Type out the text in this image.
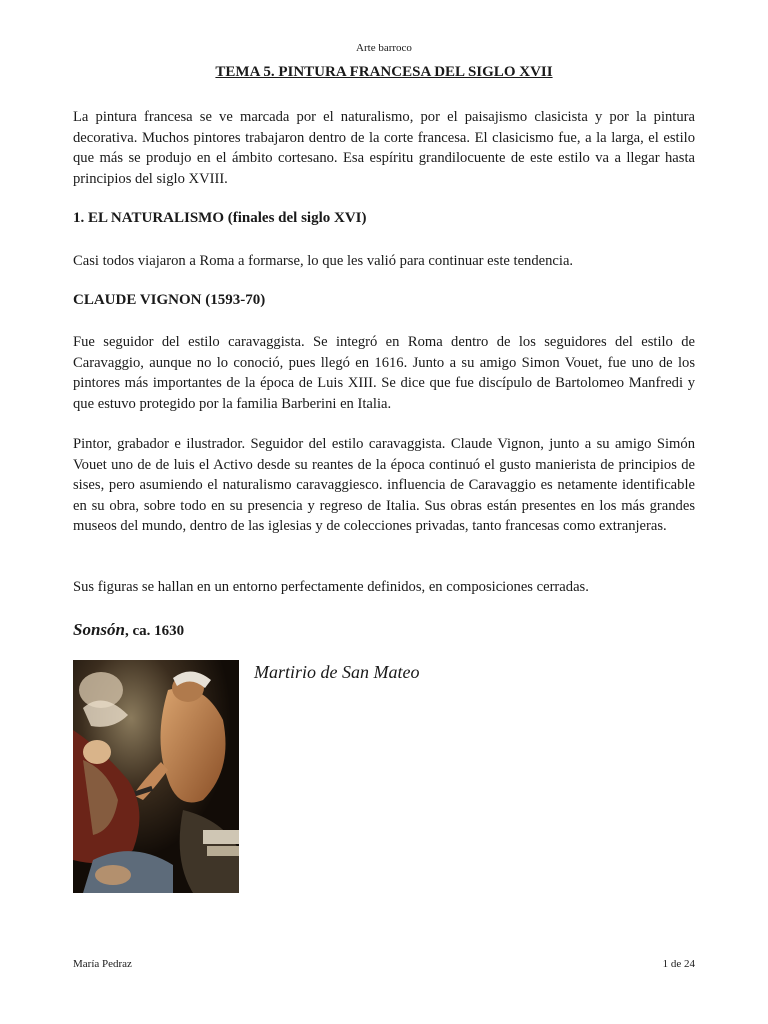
Arte barroco
TEMA 5. PINTURA FRANCESA DEL SIGLO XVII

La pintura francesa se ve marcada por el naturalismo, por el paisajismo clasicista y por la pintura decorativa. Muchos pintores trabajaron dentro de la corte francesa. El clasicismo fue, a la larga, el estilo que más se produjo en el ámbito cortesano. Esa espíritu grandilocuente de este estilo va a llegar hasta principios del siglo XVIII.

1. EL NATURALISMO (finales del siglo XVI)

Casi todos viajaron a Roma a formarse, lo que les valió para continuar este tendencia.

CLAUDE VIGNON (1593-70)

Fue seguidor del estilo caravaggista. Se integró en Roma dentro de los seguidores del estilo de Caravaggio, aunque no lo conoció, pues llegó en 1616. Junto a su amigo Simon Vouet, fue uno de los pintores más importantes de la época de Luis XIII. Se dice que fue discípulo de Bartolomeo Manfredi y que estuvo protegido por la familia Barberini en Italia.

Pintor, grabador e ilustrador. Seguidor del estilo caravaggista. Claude Vignon, junto a su amigo Simón Vouet uno de de luis el Activo desde su reantes de la época continuó el gusto manierista de principios de sises, pero asumiendo el naturalismo caravaggiesco. influencia de Caravaggio es netamente identificable en su obra, sobre todo en su presencia y regreso de Italia. Sus obras están presentes en los más grandes museos del mundo, dentro de las iglesias y de colecciones privadas, tanto francesas como extranjeras.

Sus figuras se hallan en un entorno perfectamente definidos, en composiciones cerradas.

Sonsón, ca. 1630

Martirio de San Mateo

María Pedraz	1 de 24
